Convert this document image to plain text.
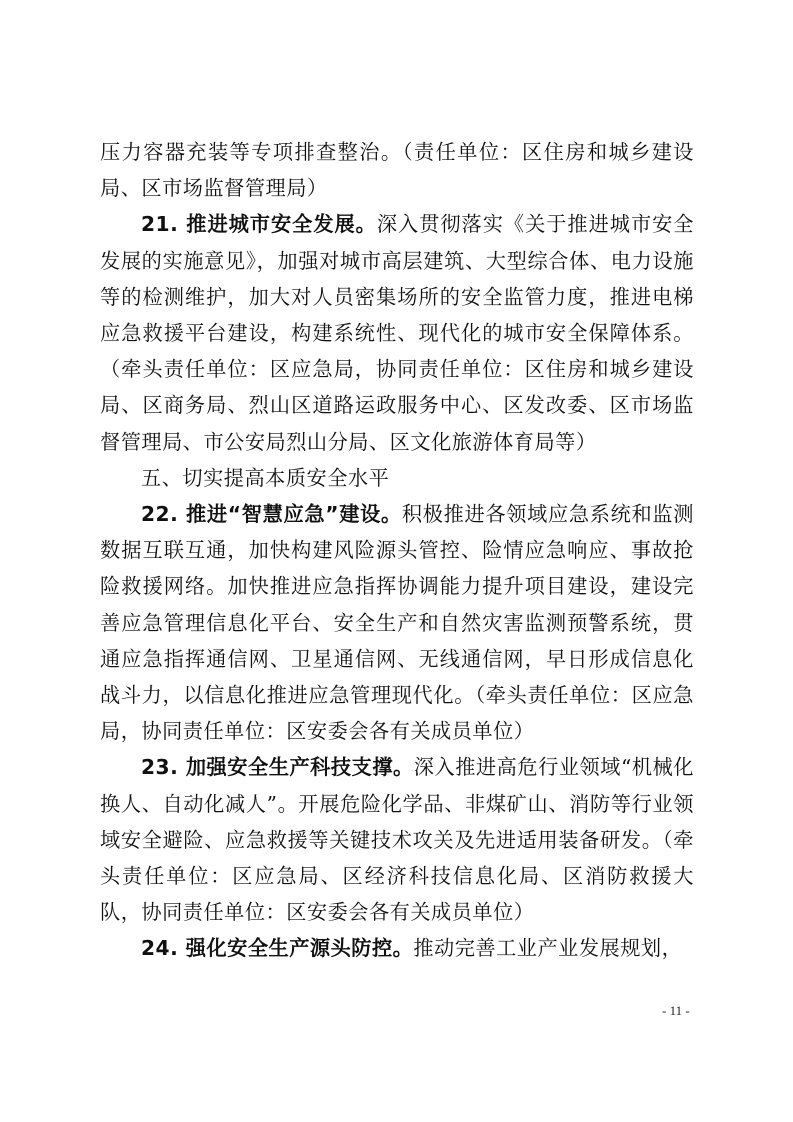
压力容器充装等专项排查整治。（责任单位：区住房和城乡建设局、区市场监督管理局）

21. 推进城市安全发展。深入贯彻落实《关于推进城市安全发展的实施意见》，加强对城市高层建筑、大型综合体、电力设施等的检测维护，加大对人员密集场所的安全监管力度，推进电梯应急救援平台建设，构建系统性、现代化的城市安全保障体系。（牵头责任单位：区应急局，协同责任单位：区住房和城乡建设局、区商务局、烈山区道路运政服务中心、区发改委、区市场监督管理局、市公安局烈山分局、区文化旅游体育局等）

五、切实提高本质安全水平

22. 推进“智慧应急”建设。积极推进各领域应急系统和监测数据互联互通，加快构建风险源头管控、险情应急响应、事故抢险救援网络。加快推进应急指挥协调能力提升项目建设，建设完善应急管理信息化平台、安全生产和自然灾害监测预警系统，贯通应急指挥通信网、卫星通信网、无线通信网，早日形成信息化战斗力，以信息化推进应急管理现代化。（牵头责任单位：区应急局，协同责任单位：区安委会各有关成员单位）

23. 加强安全生产科技支撑。深入推进高危行业领域“机械化换人、自动化减人”。开展危险化学品、非煤矿山、消防等行业领域安全避险、应急救援等关键技术攻关及先进适用装备研发。（牵头责任单位：区应急局、区经济科技信息化局、区消防救援大队，协同责任单位：区安委会各有关成员单位）

24. 强化安全生产源头防控。推动完善工业产业发展规划，

- 11 -
